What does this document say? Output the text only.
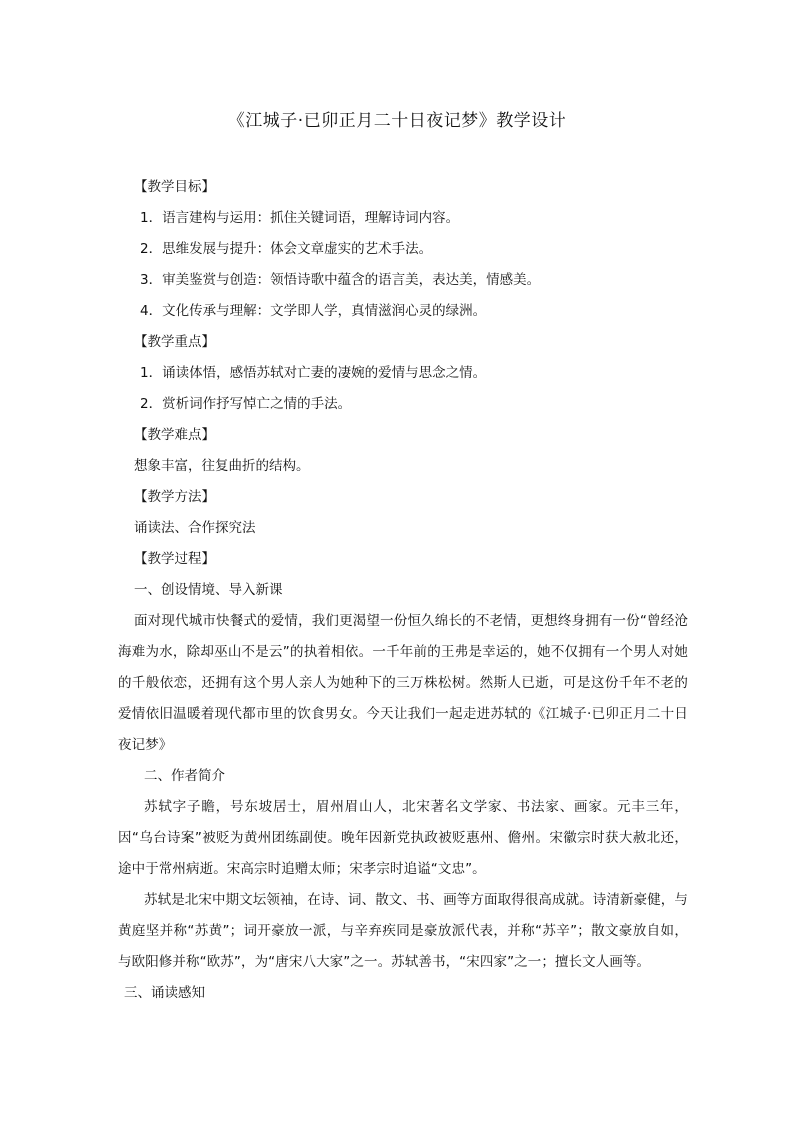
《江城子·已卯正月二十日夜记梦》教学设计

【教学目标】

1．语言建构与运用：抓住关键词语，理解诗词内容。

2．思维发展与提升：体会文章虚实的艺术手法。

3．审美鉴赏与创造：领悟诗歌中蕴含的语言美，表达美，情感美。

4．文化传承与理解：文学即人学，真情滋润心灵的绿洲。

【教学重点】

1．诵读体悟，感悟苏轼对亡妻的凄婉的爱情与思念之情。

2．赏析词作抒写悼亡之情的手法。

【教学难点】

想象丰富，往复曲折的结构。

【教学方法】

诵读法、合作探究法

【教学过程】

一、创设情境、导入新课

面对现代城市快餐式的爱情，我们更渴望一份恒久绵长的不老情，更想终身拥有一份“曾经沧海难为水，除却巫山不是云”的执着相依。一千年前的王弗是幸运的，她不仅拥有一个男人对她的千般依恋，还拥有这个男人亲人为她种下的三万株松树。然斯人已逝，可是这份千年不老的爱情依旧温暖着现代都市里的饮食男女。今天让我们一起走进苏轼的《江城子·已卯正月二十日夜记梦》

二、作者简介

苏轼字子瞻，号东坡居士，眉州眉山人，北宋著名文学家、书法家、画家。元丰三年，因“乌台诗案”被贬为黄州团练副使。晚年因新党执政被贬惠州、儋州。宋徽宗时获大赦北还，途中于常州病逝。宋高宗时追赠太师；宋孝宗时追谥“文忠”。

苏轼是北宋中期文坛领袖，在诗、词、散文、书、画等方面取得很高成就。诗清新豪健，与黄庭坚并称“苏黄”；词开豪放一派，与辛弃疾同是豪放派代表，并称“苏辛”；散文豪放自如，与欧阳修并称“欧苏”，为“唐宋八大家”之一。苏轼善书，“宋四家”之一；擅长文人画等。

三、诵读感知
